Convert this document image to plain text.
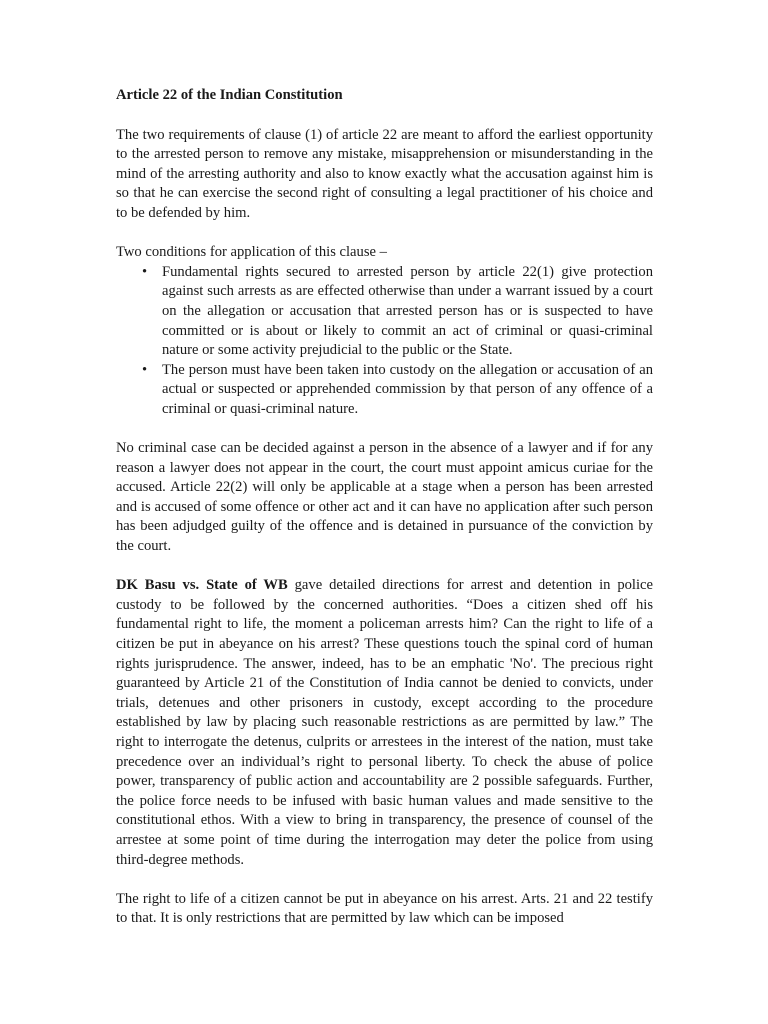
Article 22 of the Indian Constitution

The two requirements of clause (1) of article 22 are meant to afford the earliest opportunity to the arrested person to remove any mistake, misapprehension or misunderstanding in the mind of the arresting authority and also to know exactly what the accusation against him is so that he can exercise the second right of consulting a legal practitioner of his choice and to be defended by him.

Two conditions for application of this clause –

• Fundamental rights secured to arrested person by article 22(1) give protection against such arrests as are effected otherwise than under a warrant issued by a court on the allegation or accusation that arrested person has or is suspected to have committed or is about or likely to commit an act of criminal or quasi-criminal nature or some activity prejudicial to the public or the State.
• The person must have been taken into custody on the allegation or accusation of an actual or suspected or apprehended commission by that person of any offence of a criminal or quasi-criminal nature.

No criminal case can be decided against a person in the absence of a lawyer and if for any reason a lawyer does not appear in the court, the court must appoint amicus curiae for the accused. Article 22(2) will only be applicable at a stage when a person has been arrested and is accused of some offence or other act and it can have no application after such person has been adjudged guilty of the offence and is detained in pursuance of the conviction by the court.

DK Basu vs. State of WB gave detailed directions for arrest and detention in police custody to be followed by the concerned authorities. “Does a citizen shed off his fundamental right to life, the moment a policeman arrests him? Can the right to life of a citizen be put in abeyance on his arrest? These questions touch the spinal cord of human rights jurisprudence. The answer, indeed, has to be an emphatic 'No'. The precious right guaranteed by Article 21 of the Constitution of India cannot be denied to convicts, under trials, detenues and other prisoners in custody, except according to the procedure established by law by placing such reasonable restrictions as are permitted by law.” The right to interrogate the detenus, culprits or arrestees in the interest of the nation, must take precedence over an individual’s right to personal liberty. To check the abuse of police power, transparency of public action and accountability are 2 possible safeguards. Further, the police force needs to be infused with basic human values and made sensitive to the constitutional ethos. With a view to bring in transparency, the presence of counsel of the arrestee at some point of time during the interrogation may deter the police from using third-degree methods.

The right to life of a citizen cannot be put in abeyance on his arrest. Arts. 21 and 22 testify to that. It is only restrictions that are permitted by law which can be imposed
